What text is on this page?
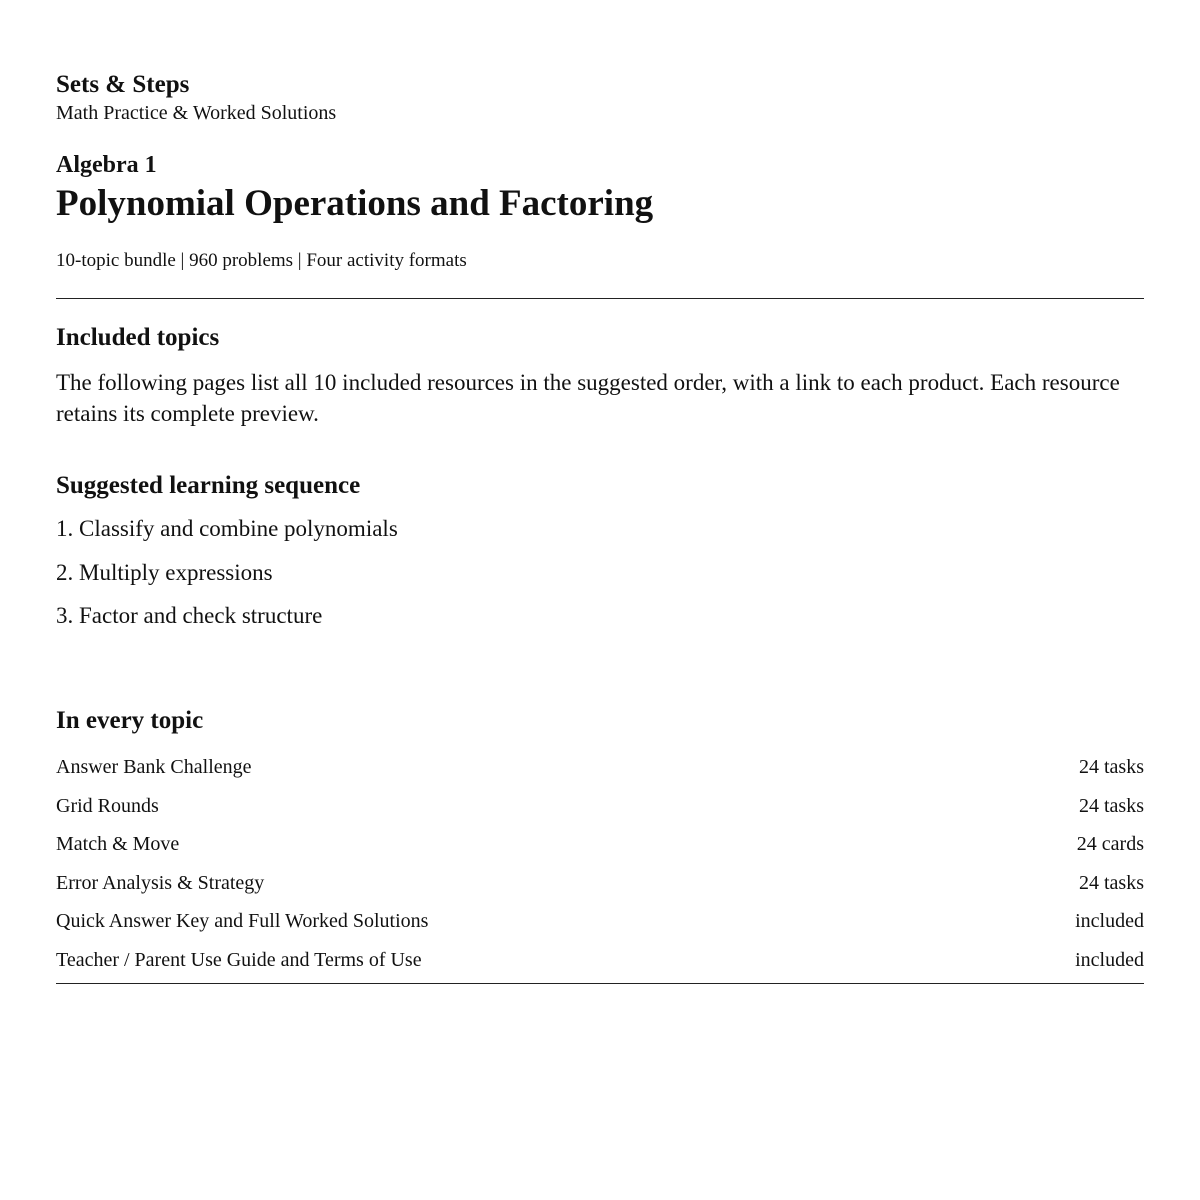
Sets & Steps

Math Practice & Worked Solutions

Algebra 1

Polynomial Operations and Factoring

10-topic bundle | 960 problems | Four activity formats

Included topics

The following pages list all 10 included resources in the suggested order, with a link to each product. Each resource retains its complete preview.

Suggested learning sequence
1. Classify and combine polynomials
2. Multiply expressions
3. Factor and check structure
In every topic
Answer Bank Challenge	24 tasks
Grid Rounds	24 tasks
Match & Move	24 cards
Error Analysis & Strategy	24 tasks
Quick Answer Key and Full Worked Solutions	included
Teacher / Parent Use Guide and Terms of Use	included
